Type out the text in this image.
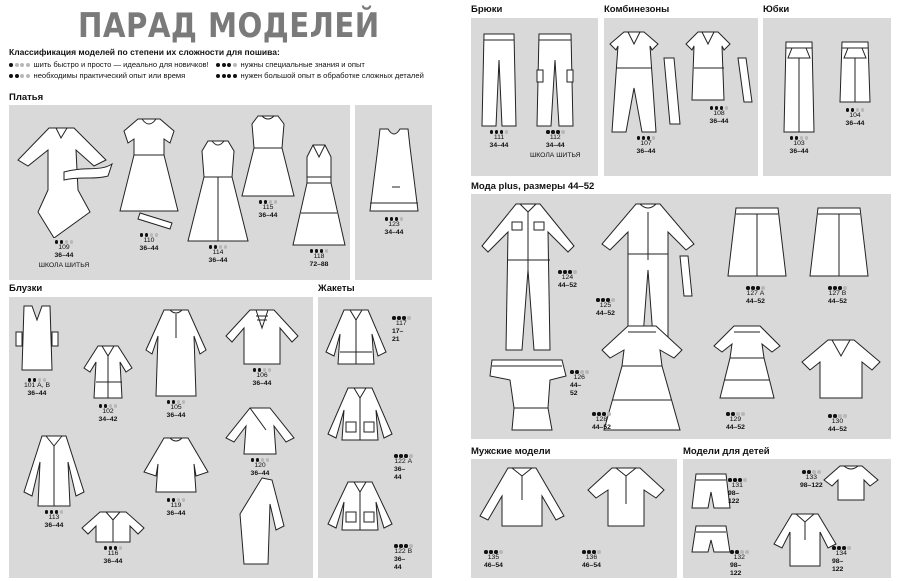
ПАРАД МОДЕЛЕЙ
Классификация моделей по степени их сложности для пошива:
шить быстро и просто — идеально для новичков!
необходимы практический опыт или время
нужны специальные знания и опыт
нужен большой опыт в обработке сложных деталей
Платья
Блузки	Жакеты
Брюки	Комбинезоны	Юбки
Мода plus, размеры 44–52
Мужские модели	Модели для детей
109
36–44
ШКОЛА ШИТЬЯ
110
36–44
114
36–44
115
36–44
118
72–88
123
34–44
101 А, В
36–44
102
34–42
105
36–44
106
36–44
113
36–44
119
36–44
120
36–44
116
36–44
117
17–21
122 А
36–44
122 В
36–44
111
34–44
112
34–44
ШКОЛА ШИТЬЯ
107
36–44
108
36–44
103
36–44
104
36–44
124
44–52
125
44–52
127 А
44–52
127 В
44–52
126
44–52
128
44–52
129
44–52
130
44–52
135
46–54
136
46–54
131
98–122
133
98–122
132
98–122
134
98–122
